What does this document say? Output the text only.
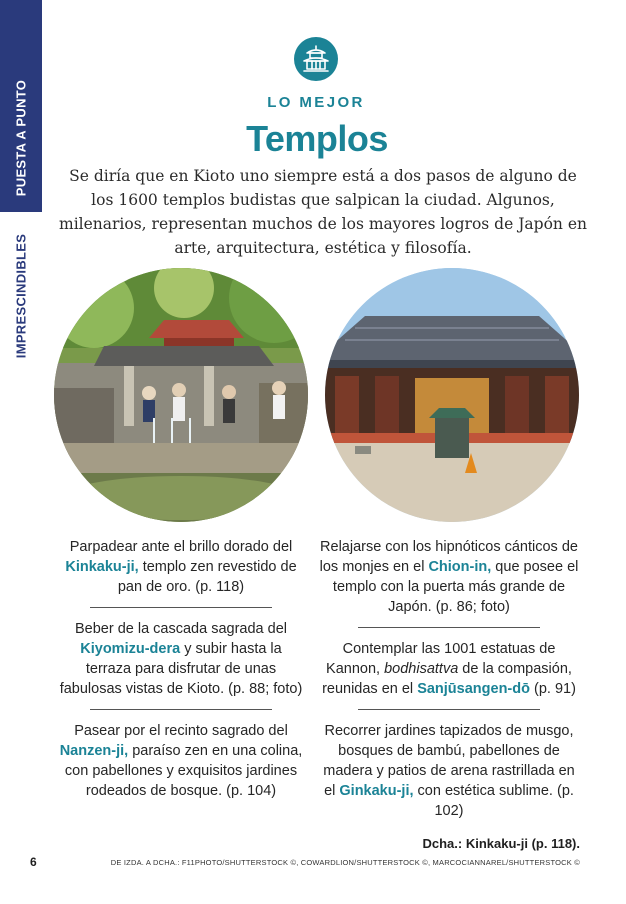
PUESTA A PUNTO
IMPRESCINDIBLES
LO MEJOR
Templos

Se diría que en Kioto uno siempre está a dos pasos de alguno de los 1600 templos budistas que salpican la ciudad. Algunos, milenarios, representan muchos de los mayores logros de Japón en arte, arquitectura, estética y filosofía.

Parpadear ante el brillo dorado del Kinkaku-ji, templo zen revestido de pan de oro. (p. 118)
Beber de la cascada sagrada del Kiyomizu-dera y subir hasta la terraza para disfrutar de unas fabulosas vistas de Kioto. (p. 88; foto)
Pasear por el recinto sagrado del Nanzen-ji, paraíso zen en una colina, con pabellones y exquisitos jardines rodeados de bosque. (p. 104)
Relajarse con los hipnóticos cánticos de los monjes en el Chion-in, que posee el templo con la puerta más grande de Japón. (p. 86; foto)
Contemplar las 1001 estatuas de Kannon, bodhisattva de la compasión, reunidas en el Sanjūsangen-dō (p. 91)
Recorrer jardines tapizados de musgo, bosques de bambú, pabellones de madera y patios de arena rastrillada en el Ginkaku-ji, con estética sublime. (p. 102)
Dcha.: Kinkaku-ji (p. 118).
6	DE IZDA. A DCHA.: F11PHOTO/SHUTTERSTOCK ©, COWARDLION/SHUTTERSTOCK ©, MARCOCIANNAREL/SHUTTERSTOCK ©
